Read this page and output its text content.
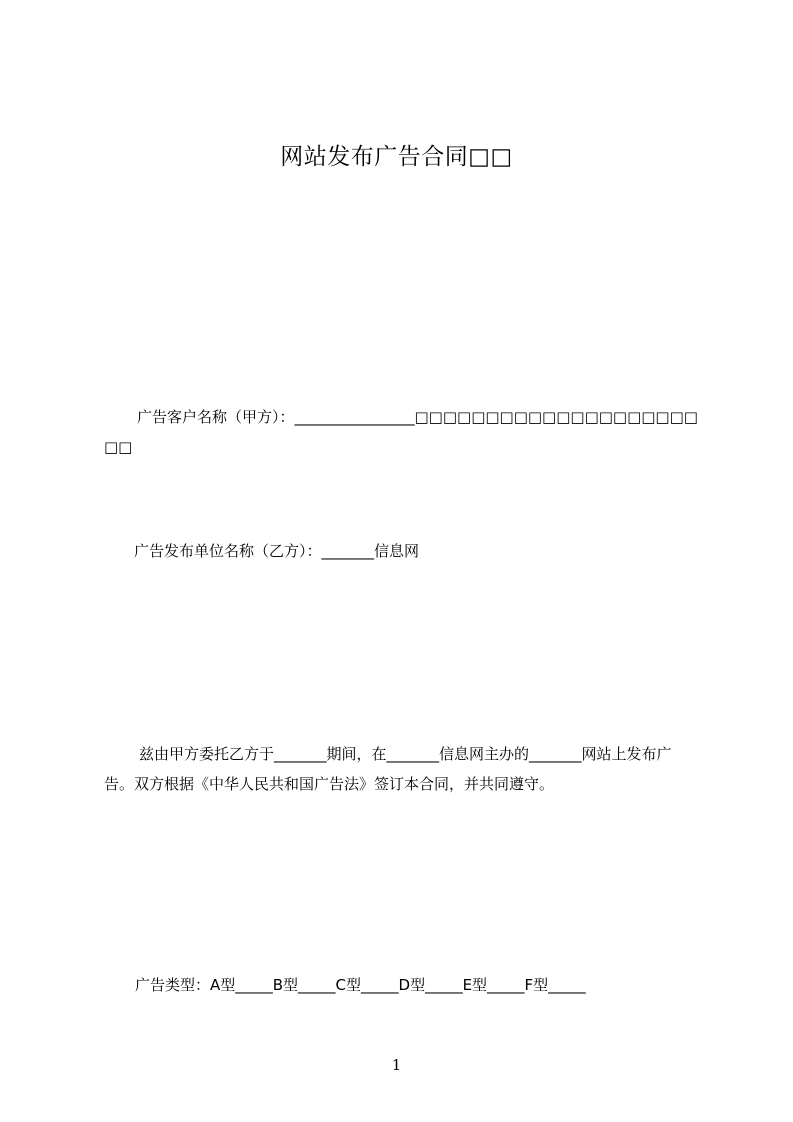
网站发布广告合同□□
广告客户名称（甲方）：________________□□□□□□□□□□□□□□□□□□□□□□
广告发布单位名称（乙方）：_______信息网
兹由甲方委托乙方于_______期间，在_______信息网主办的_______网站上发布广告。双方根据《中华人民共和国广告法》签订本合同，并共同遵守。
广告类型：A型_____B型_____C型_____D型_____E型_____F型_____
1
